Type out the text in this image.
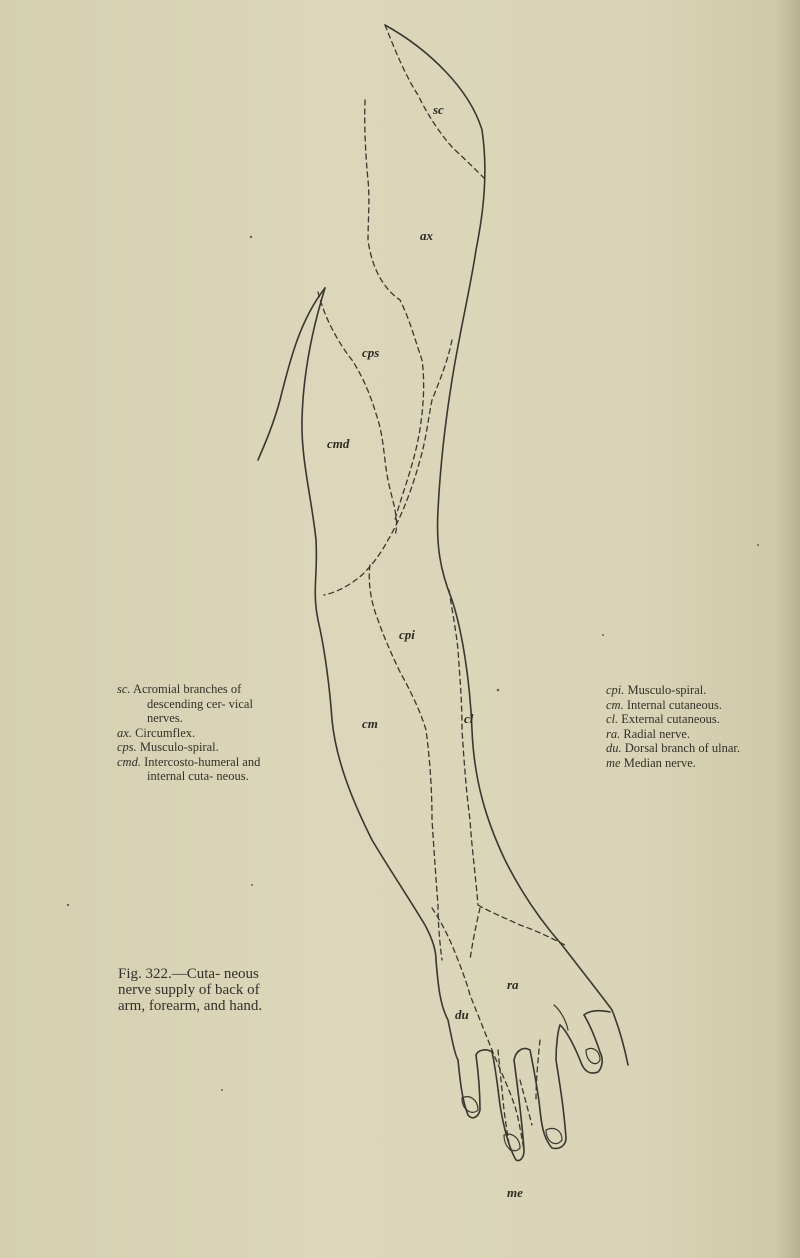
sc
ax
cps
cmd
cpi
cm	cl
ra
du
me
sc. Acromial branches of descending cer- vical nerves.
ax. Circumflex.
cps. Musculo-spiral.
cmd. Intercosto-humeral and internal cuta- neous.
cpi. Musculo-spiral.
cm. Internal cutaneous.
cl. External cutaneous.
ra. Radial nerve.
du. Dorsal branch of ulnar.
me Median nerve.
Fig. 322.—Cuta- neous nerve supply of back of arm, forearm, and hand.
